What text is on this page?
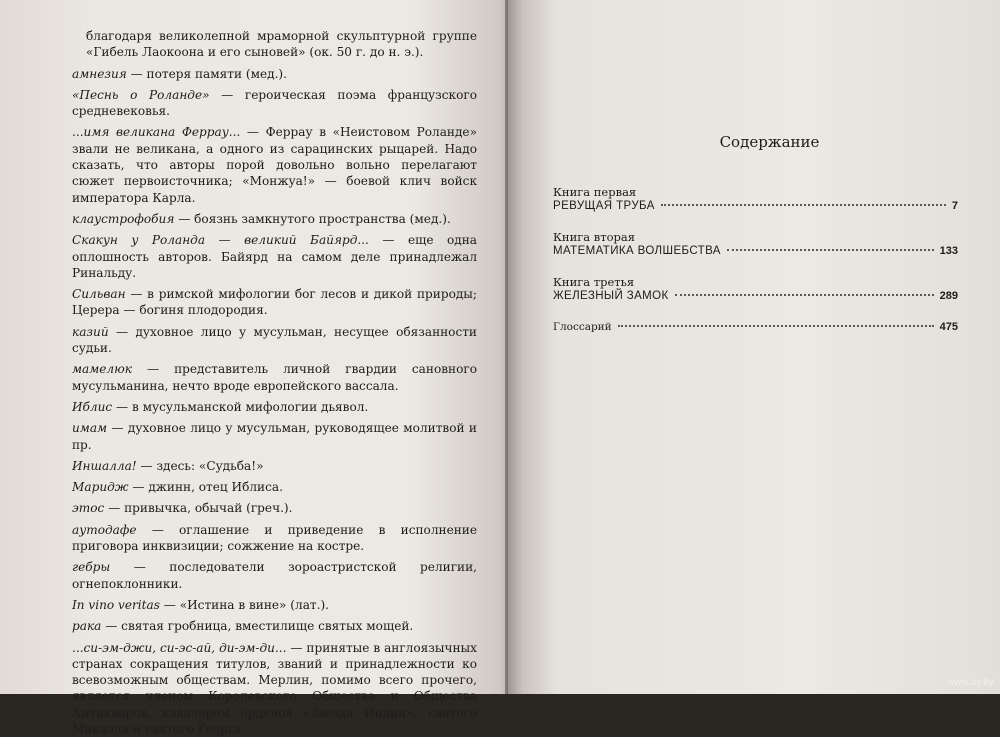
благодаря великолепной мраморной скульптурной группе «Гибель Лаокоона и его сыновей» (ок. 50 г. до н. э.).

амнезия — потеря памяти (мед.).

«Песнь о Роланде» — героическая поэма французского средневековья.

...имя великана Феррау... — Феррау в «Неистовом Роланде» звали не великана, а одного из сарацинских рыцарей. Надо сказать, что авторы порой довольно вольно перелагают сюжет первоисточника; «Монжуа!» — боевой клич войск императора Карла.

клаустрофобия — боязнь замкнутого пространства (мед.).

Скакун у Роланда — великий Байярд... — еще одна оплошность авторов. Байярд на самом деле принадлежал Ринальду.

Сильван — в римской мифологии бог лесов и дикой природы; Церера — богиня плодородия.

казий — духовное лицо у мусульман, несущее обязанности судьи.

мамелюк — представитель личной гвардии сановного мусульманина, нечто вроде европейского вассала.

Иблис — в мусульманской мифологии дьявол.

имам — духовное лицо у мусульман, руководящее молитвой и пр.

Иншалла! — здесь: «Судьба!»

Маридж — джинн, отец Иблиса.

этос — привычка, обычай (греч.).

аутодафе — оглашение и приведение в исполнение приговора инквизиции; сожжение на костре.

гебры — последователи зороастристской религии, огнепоклонники.

In vino veritas — «Истина в вине» (лат.).

рака — святая гробница, вместилище святых мощей.

...си-эм-джи, си-эс-ай, ди-эм-ди... — принятые в англоязычных странах сокращения титулов, званий и принадлежности ко всевозможным обществам. Мерлин, помимо всего прочего, является членом Королевского Общества и Общества Антикваров, кавалером орденов «Звезда Индии», святого Микаэля и святого Георга.

Содержание
Книга первая
РЕВУЩАЯ ТРУБА	7
Книга вторая
МАТЕМАТИКА ВОЛШЕБСТВА	133
Книга третья
ЖЕЛЕЗНЫЙ ЗАМОК	289
Глоссарий	475
www.ay.by
